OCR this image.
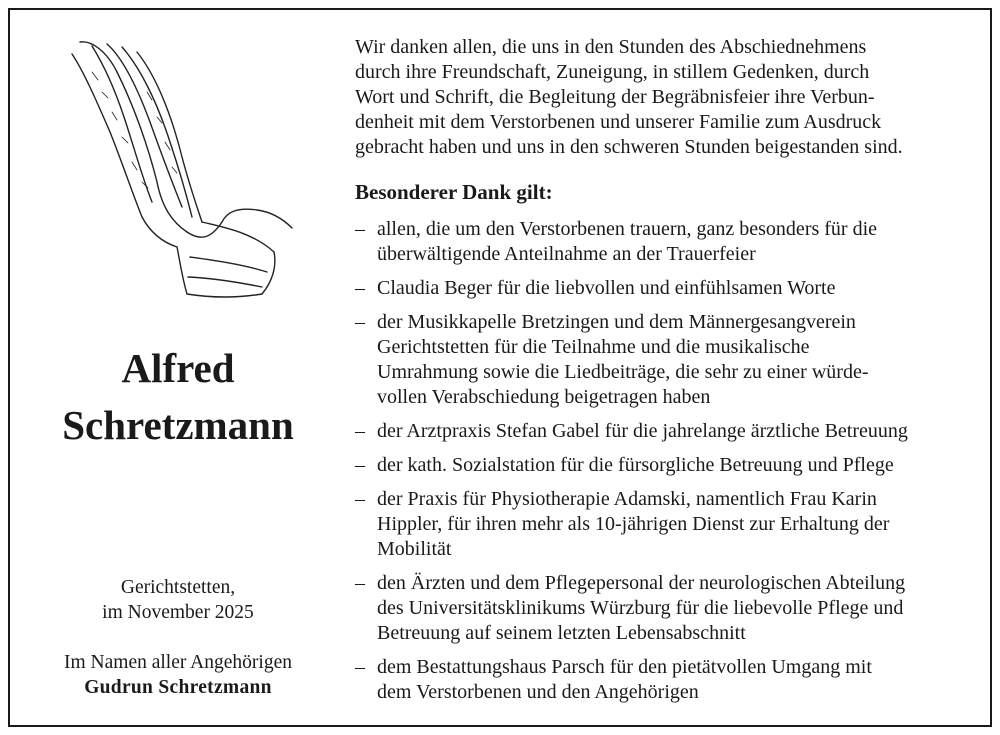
Alfred
Schretzmann
Gerichtstetten,
im November 2025
Im Namen aller Angehörigen
Gudrun Schretzmann
Wir danken allen, die uns in den Stunden des Abschiednehmens
durch ihre Freundschaft, Zuneigung, in stillem Gedenken, durch
Wort und Schrift, die Begleitung der Begräbnisfeier ihre Verbun-
denheit mit dem Verstorbenen und unserer Familie zum Ausdruck
gebracht haben und uns in den schweren Stunden beigestanden sind.
Besonderer Dank gilt:
– allen, die um den Verstorbenen trauern, ganz besonders für die
überwältigende Anteilnahme an der Trauerfeier
– Claudia Beger für die liebvollen und einfühlsamen Worte
– der Musikkapelle Bretzingen und dem Männergesangverein
Gerichtstetten für die Teilnahme und die musikalische
Umrahmung sowie die Liedbeiträge, die sehr zu einer würde-
vollen Verabschiedung beigetragen haben
– der Arztpraxis Stefan Gabel für die jahrelange ärztliche Betreuung
– der kath. Sozialstation für die fürsorgliche Betreuung und Pflege
– der Praxis für Physiotherapie Adamski, namentlich Frau Karin
Hippler, für ihren mehr als 10-jährigen Dienst zur Erhaltung der
Mobilität
– den Ärzten und dem Pflegepersonal der neurologischen Abteilung
des Universitätsklinikums Würzburg für die liebevolle Pflege und
Betreuung auf seinem letzten Lebensabschnitt
– dem Bestattungshaus Parsch für den pietätvollen Umgang mit
dem Verstorbenen und den Angehörigen
